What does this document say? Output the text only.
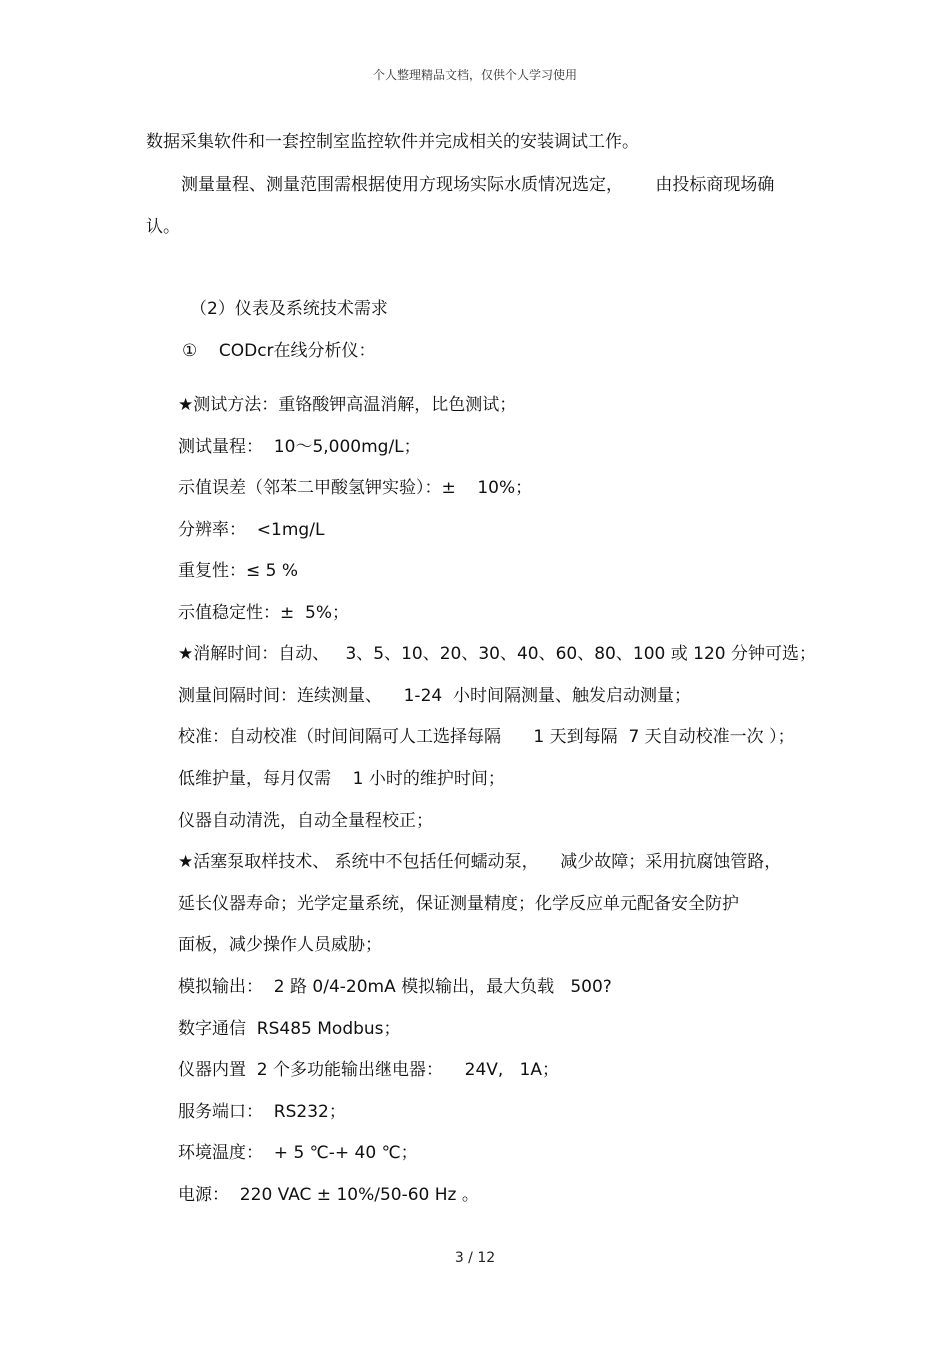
个人整理精品文档，仅供个人学习使用
数据采集软件和一套控制室监控软件并完成相关的安装调试工作。
测量量程、测量范围需根据使用方现场实际水质情况选定，      由投标商现场确
认。
（2）仪表及系统技术需求
①    CODcr在线分析仪：
★测试方法：重铬酸钾高温消解，比色测试；
测试量程：  10～5,000mg/L；
示值误差（邻苯二甲酸氢钾实验）：±    10%；
分辨率：  <1mg/L
重复性：≤ 5 %
示值稳定性：±  5%；
★消解时间：自动、   3、5、10、20、30、40、60、80、100 或 120 分钟可选；
测量间隔时间：连续测量、    1-24  小时间隔测量、触发启动测量；
校准：自动校准（时间间隔可人工选择每隔      1 天到每隔  7 天自动校准一次 ）；
低维护量，每月仅需    1 小时的维护时间；
仪器自动清洗，自动全量程校正；
★活塞泵取样技术、 系统中不包括任何蠕动泵，    减少故障；采用抗腐蚀管路，
延长仪器寿命；光学定量系统，保证测量精度；化学反应单元配备安全防护
面板，减少操作人员威胁；
模拟输出：  2 路 0/4-20mA 模拟输出，最大负载   500?
数字通信  RS485 Modbus；
仪器内置  2 个多功能输出继电器：    24V,   1A；
服务端口：  RS232；
环境温度：  + 5 ℃-+ 40 ℃；
电源：  220 VAC ± 10%/50-60 Hz 。
3 / 12
